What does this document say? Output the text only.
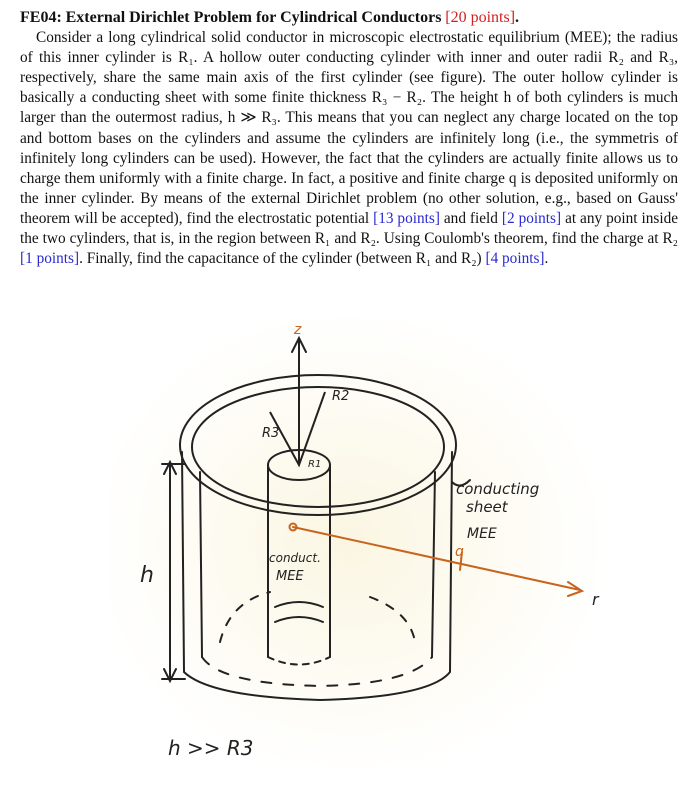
FE04: External Dirichlet Problem for Cylindrical Conductors [20 points].
Consider a long cylindrical solid conductor in microscopic electrostatic equilibrium (MEE); the radius of this inner cylinder is R₁. A hollow outer conducting cylinder with inner and outer radii R₂ and R₃, respectively, share the same main axis of the first cylinder (see figure). The outer hollow cylinder is basically a conducting sheet with some finite thickness R₃ − R₂. The height h of both cylinders is much larger than the outermost radius, h ≫ R₃. This means that you can neglect any charge located on the top and bottom bases on the cylinders and assume the cylinders are infinitely long (i.e., the symmetris of infinitely long cylinders can be used). However, the fact that the cylinders are actually finite allows us to charge them uniformly with a finite charge. In fact, a positive and finite charge q is deposited uniformly on the inner cylinder. By means of the external Dirichlet problem (no other solution, e.g., based on Gauss' theorem will be accepted), find the electrostatic potential [13 points] and field [2 points] at any point inside the two cylinders, that is, in the region between R₁ and R₂. Using Coulomb's theorem, find the charge at R₂ [1 points]. Finally, find the capacitance of the cylinder (between R₁ and R₂) [4 points].
z
R3
R2
R1
conducting
sheet
MEE
q
r
h
conduct.
MEE
h >> R3
